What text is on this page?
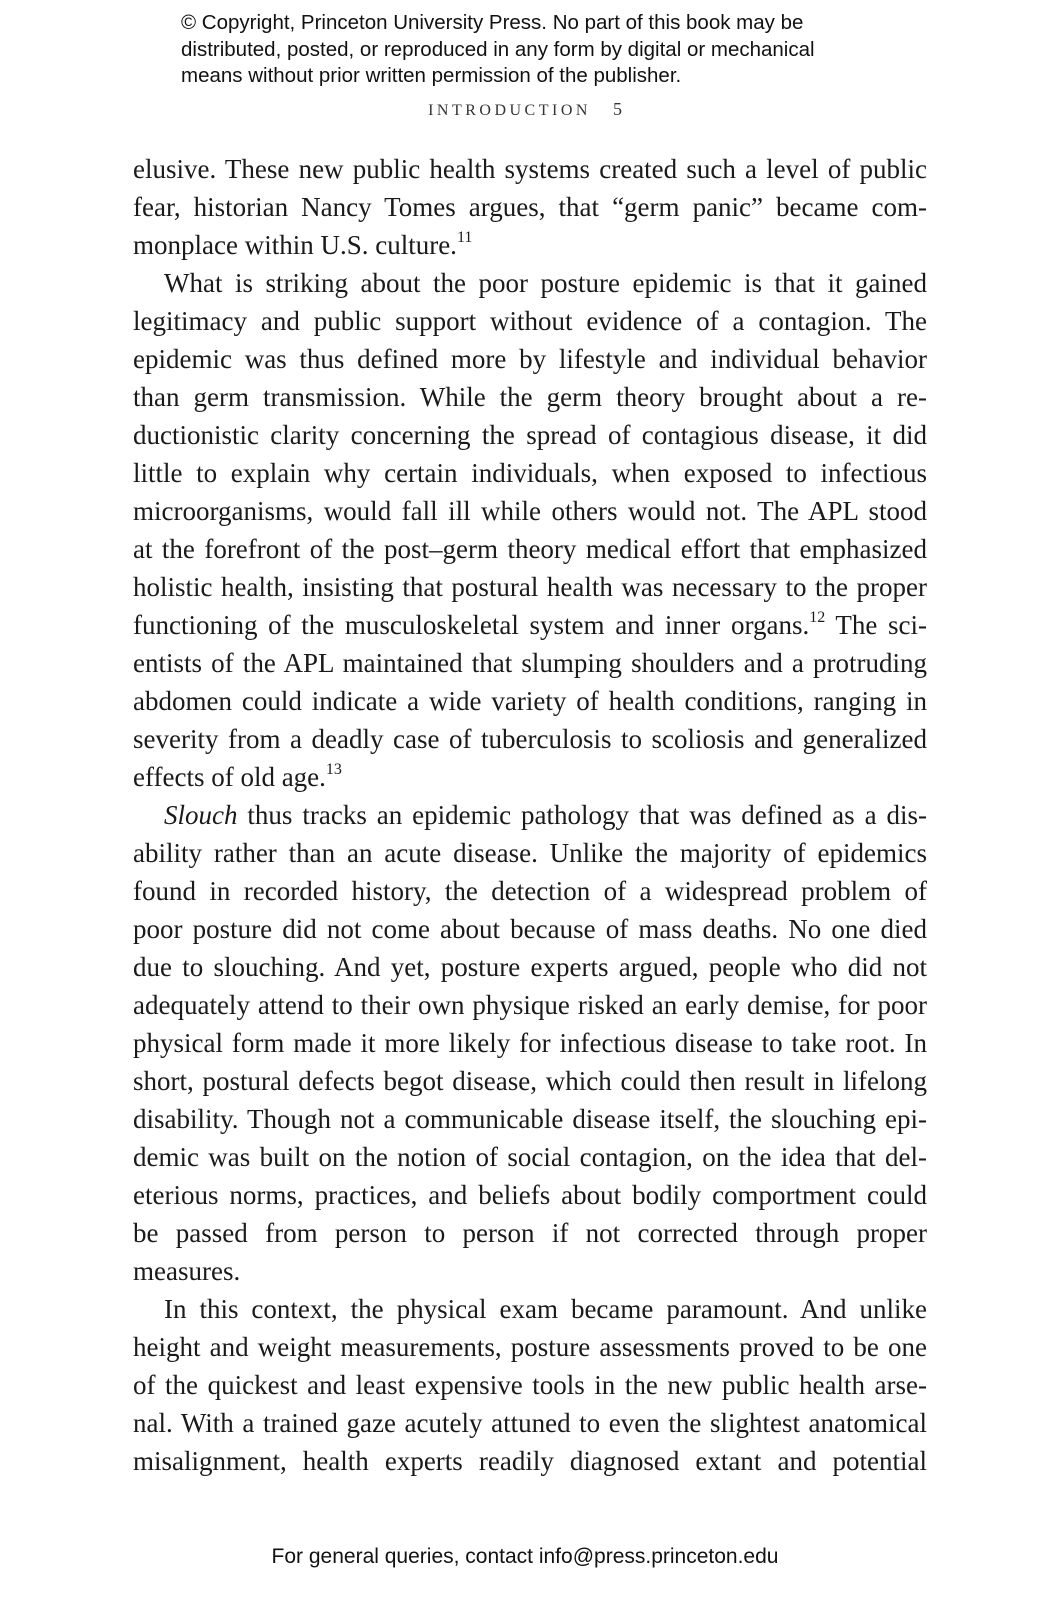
© Copyright, Princeton University Press. No part of this book may be
distributed, posted, or reproduced in any form by digital or mechanical
means without prior written permission of the publisher.
INTRODUCTION 5
elusive. These new public health systems created such a level of public
fear, historian Nancy Tomes argues, that “germ panic” became com-
monplace within U.S. culture.$^{11}$
What is striking about the poor posture epidemic is that it gained
legitimacy and public support without evidence of a contagion. The
epidemic was thus defined more by lifestyle and individual behavior
than germ transmission. While the germ theory brought about a re-
ductionistic clarity concerning the spread of contagious disease, it did
little to explain why certain individuals, when exposed to infectious
microorganisms, would fall ill while others would not. The APL stood
at the forefront of the post–germ theory medical effort that emphasized
holistic health, insisting that postural health was necessary to the proper
functioning of the musculoskeletal system and inner organs.$^{12}$ The sci-
entists of the APL maintained that slumping shoulders and a protruding
abdomen could indicate a wide variety of health conditions, ranging in
severity from a deadly case of tuberculosis to scoliosis and generalized
effects of old age.$^{13}$
Slouch thus tracks an epidemic pathology that was defined as a dis-
ability rather than an acute disease. Unlike the majority of epidemics
found in recorded history, the detection of a widespread problem of
poor posture did not come about because of mass deaths. No one died
due to slouching. And yet, posture experts argued, people who did not
adequately attend to their own physique risked an early demise, for poor
physical form made it more likely for infectious disease to take root. In
short, postural defects begot disease, which could then result in lifelong
disability. Though not a communicable disease itself, the slouching epi-
demic was built on the notion of social contagion, on the idea that del-
eterious norms, practices, and beliefs about bodily comportment could
be passed from person to person if not corrected through proper
measures.
In this context, the physical exam became paramount. And unlike
height and weight measurements, posture assessments proved to be one
of the quickest and least expensive tools in the new public health arse-
nal. With a trained gaze acutely attuned to even the slightest anatomical
misalignment, health experts readily diagnosed extant and potential
For general queries, contact info@press.princeton.edu
